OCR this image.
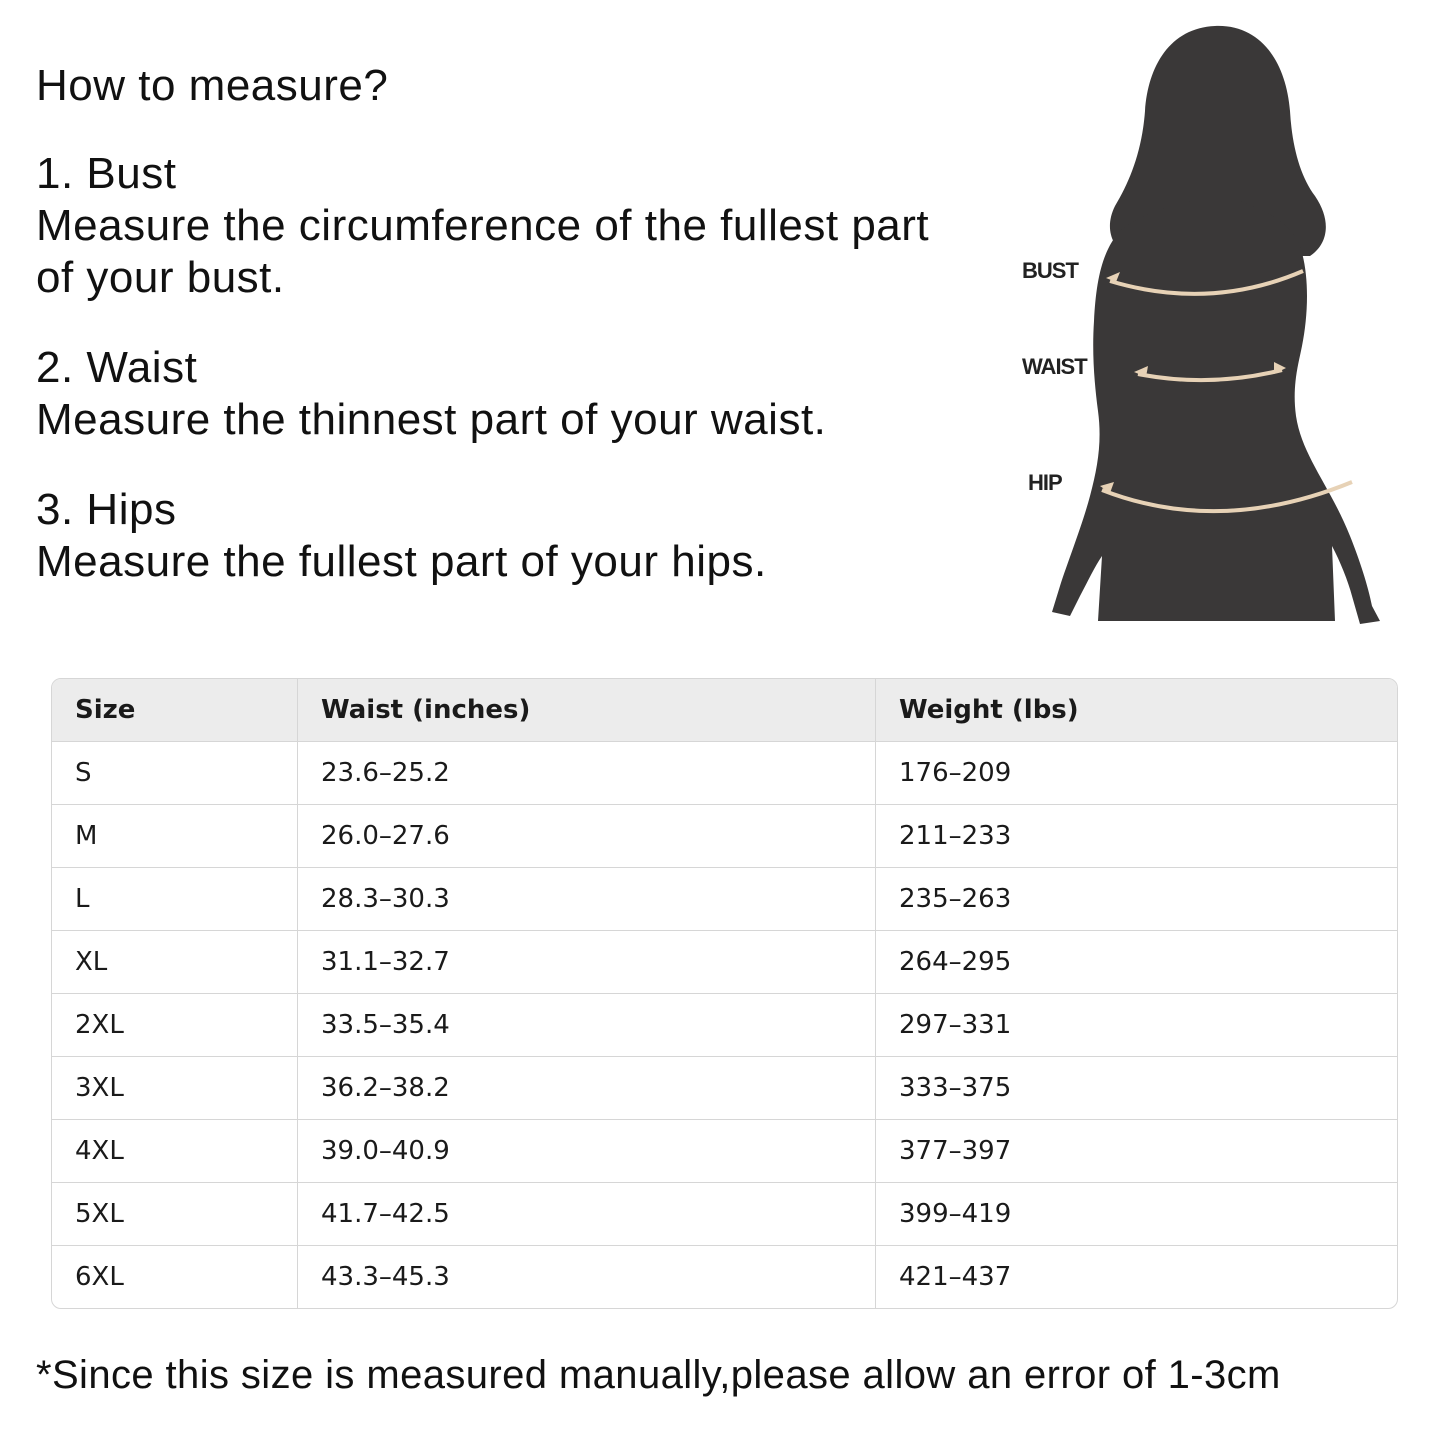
How to measure?
1. Bust
Measure the circumference of the fullest part of your bust.
2. Waist
Measure the thinnest part of your waist.
3. Hips
Measure the fullest part of your hips.
BUST
WAIST
HIP
Size	Waist (inches)	Weight (lbs)
S	23.6–25.2	176–209
M	26.0–27.6	211–233
L	28.3–30.3	235–263
XL	31.1–32.7	264–295
2XL	33.5–35.4	297–331
3XL	36.2–38.2	333–375
4XL	39.0–40.9	377–397
5XL	41.7–42.5	399–419
6XL	43.3–45.3	421–437
*Since this size is measured manually,please allow an error of 1-3cm
